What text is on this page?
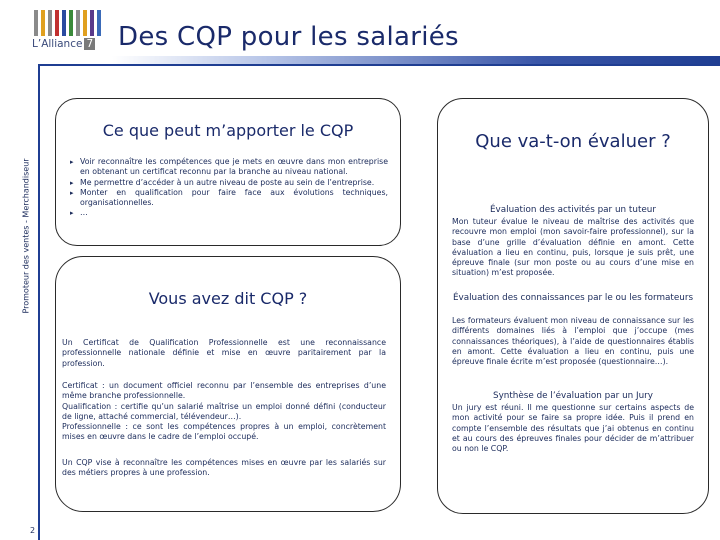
L’Alliance 7 Des CQP pour les salariés
Promoteur des ventes - Merchandiseur
2
Ce que peut m’apporter le CQP
▸ Voir reconnaître les compétences que je mets en œuvre dans mon entreprise en obtenant un certificat reconnu par la branche au niveau national.
▸ Me permettre d’accéder à un autre niveau de poste au sein de l’entreprise.
▸ Monter en qualification pour faire face aux évolutions techniques, organisationnelles.
▸ …
Vous avez dit CQP ?
Un Certificat de Qualification Professionnelle est une reconnaissance professionnelle nationale définie et mise en œuvre paritairement par la profession.
Certificat : un document officiel reconnu par l’ensemble des entreprises d’une même branche professionnelle.
Qualification : certifie qu’un salarié maîtrise un emploi donné défini (conducteur de ligne, attaché commercial, télévendeur…).
Professionnelle : ce sont les compétences propres à un emploi, concrètement mises en œuvre dans le cadre de l’emploi occupé.
Un CQP vise à reconnaître les compétences mises en œuvre par les salariés sur des métiers propres à une profession.
Que va-t-on évaluer ?
Évaluation des activités par un tuteur
Mon tuteur évalue le niveau de maîtrise des activités que recouvre mon emploi (mon savoir-faire professionnel), sur la base d’une grille d’évaluation définie en amont. Cette évaluation a lieu en continu, puis, lorsque je suis prêt, une épreuve finale (sur mon poste ou au cours d’une mise en situation) m’est proposée.
Évaluation des connaissances par le ou les formateurs
Les formateurs évaluent mon niveau de connaissance sur les différents domaines liés à l’emploi que j’occupe (mes connaissances théoriques), à l’aide de questionnaires établis en amont. Cette évaluation a lieu en continu, puis une épreuve finale écrite m’est proposée (questionnaire…).
Synthèse de l’évaluation par un Jury
Un jury est réuni. Il me questionne sur certains aspects de mon activité pour se faire sa propre idée. Puis il prend en compte l’ensemble des résultats que j’ai obtenus en continu et au cours des épreuves finales pour décider de m’attribuer ou non le CQP.
